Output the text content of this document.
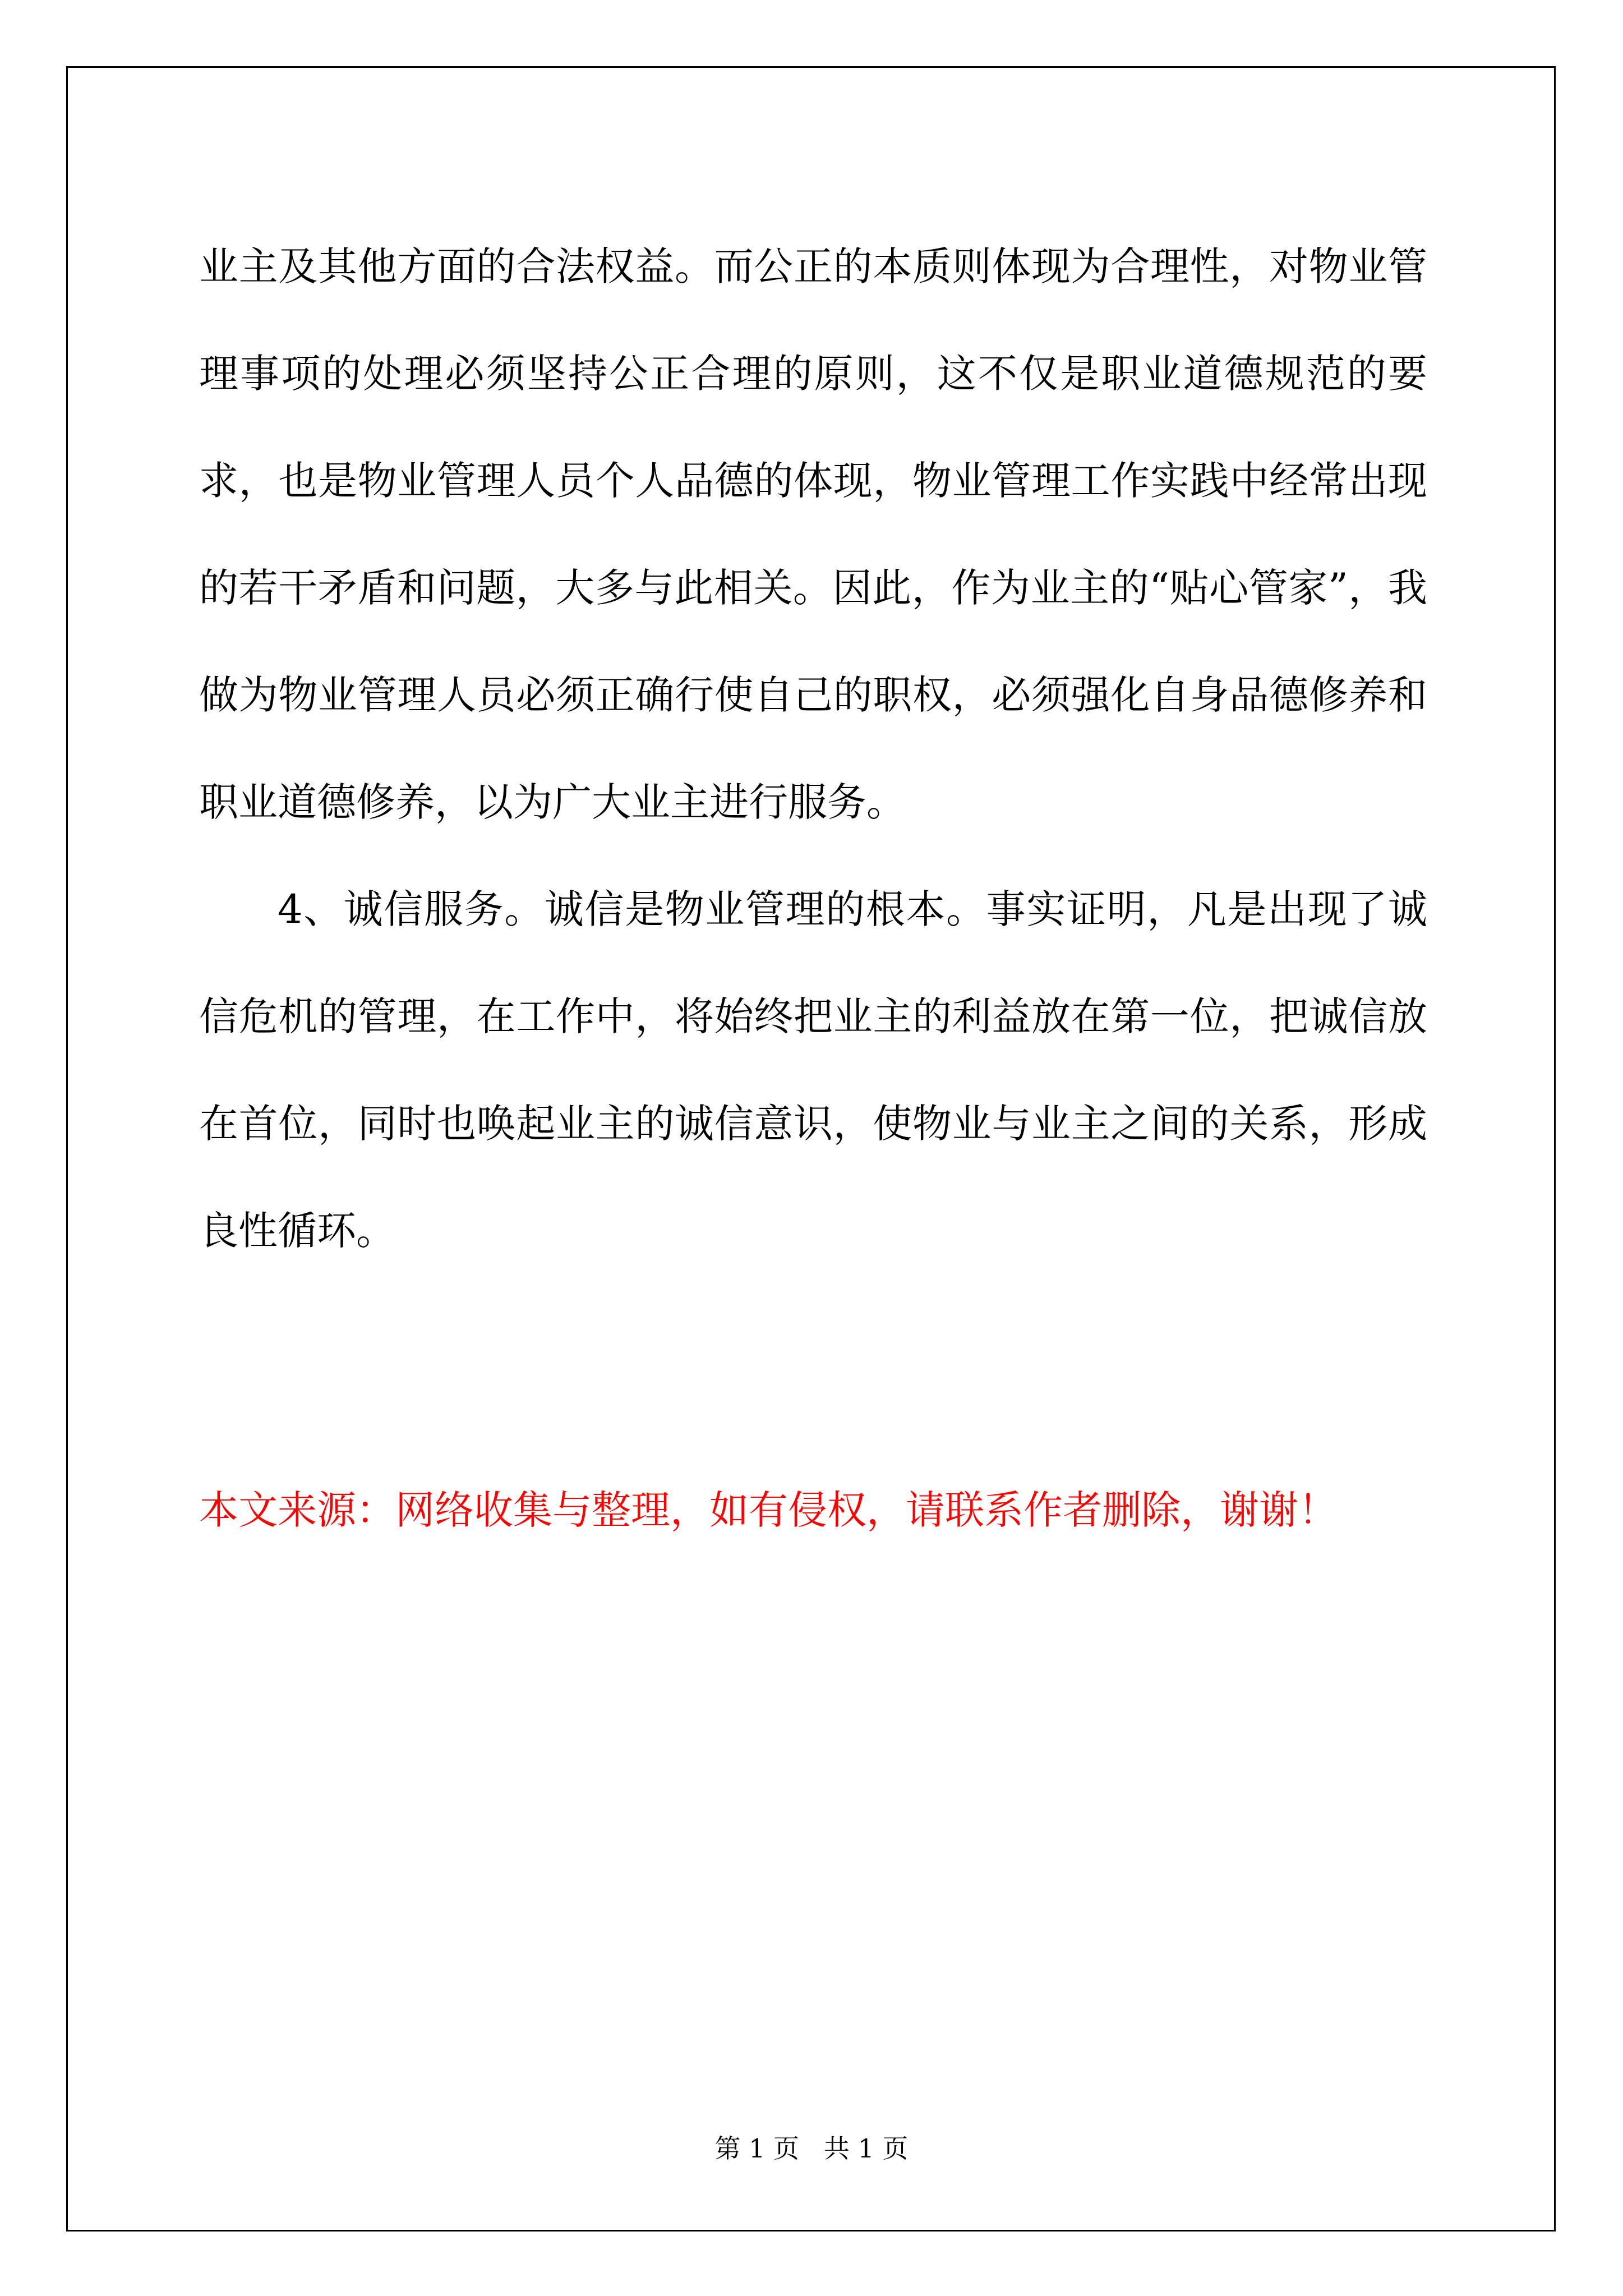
业主及其他方面的合法权益。而公正的本质则体现为合理性，对物业管理事项的处理必须坚持公正合理的原则，这不仅是职业道德规范的要求，也是物业管理人员个人品德的体现，物业管理工作实践中经常出现的若干矛盾和问题，大多与此相关。因此，作为业主的“贴心管家”，我做为物业管理人员必须正确行使自己的职权，必须强化自身品德修养和职业道德修养，以为广大业主进行服务。

4、诚信服务。诚信是物业管理的根本。事实证明，凡是出现了诚信危机的管理，在工作中，将始终把业主的利益放在第一位，把诚信放在首位，同时也唤起业主的诚信意识，使物业与业主之间的关系，形成良性循环。

本文来源：网络收集与整理，如有侵权，请联系作者删除，谢谢！

第 1 页   共 1 页
